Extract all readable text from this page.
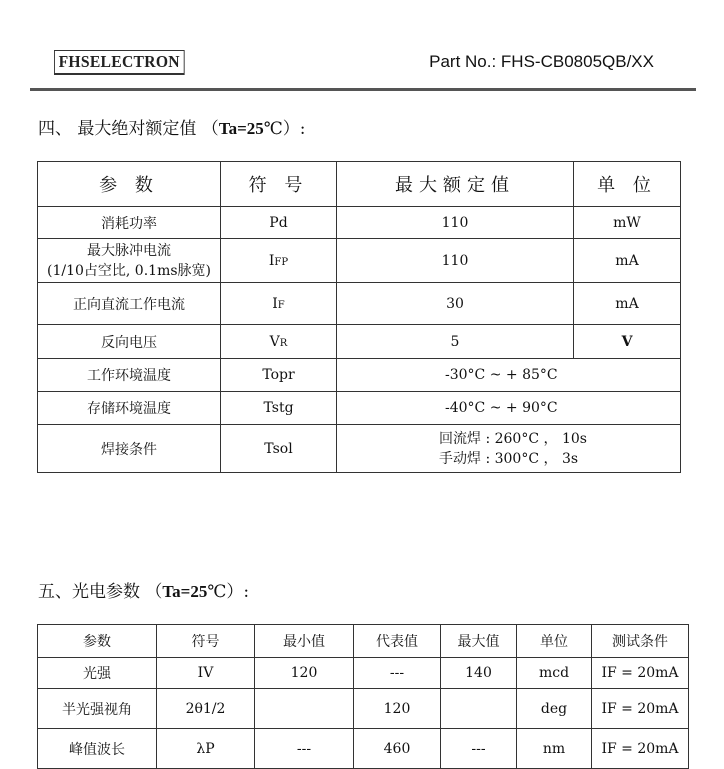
FHSELECTRON	Part No.: FHS-CB0805QB/XX
四、 最大绝对额定值 （Ta=25℃）:
参 数	符 号	最大额定值	单 位
消耗功率	Pd	110	mW

最大脉冲电流
(1/10占空比, 0.1ms脉宽)	IFP	110	mA
正向直流工作电流	IF	30	mA
反向电压	VR	5	V
工作环境温度	Topr	-30°C ~ + 85°C	
存储环境温度	Tstg	-40°C ~ + 90°C	
焊接条件	Tsol	回流焊 : 260°C ， 10s
手动焊 : 300°C ， 3s	
五、光电参数 （Ta=25℃）:
参数	符号	最小值	代表值	最大值	单位	测试条件
光强	IV	120	---	140	mcd	IF = 20mA
半光强视角	2θ1/2		120		deg	IF = 20mA
峰值波长	λP	---	460	---	nm	IF = 20mA
